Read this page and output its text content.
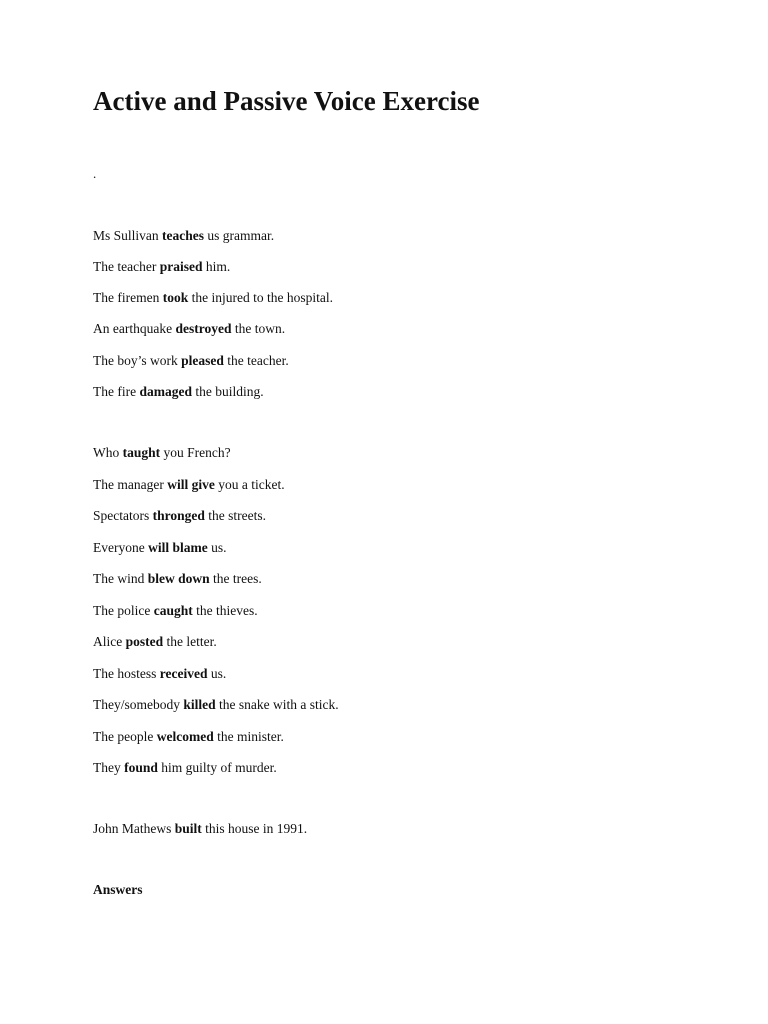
Active and Passive Voice Exercise
.
Ms Sullivan teaches us grammar.
The teacher praised him.
The firemen took the injured to the hospital.
An earthquake destroyed the town.
The boy’s work pleased the teacher.
The fire damaged the building.
Who taught you French?
The manager will give you a ticket.
Spectators thronged the streets.
Everyone will blame us.
The wind blew down the trees.
The police caught the thieves.
Alice posted the letter.
The hostess received us.
They/somebody killed the snake with a stick.
The people welcomed the minister.
They found him guilty of murder.
John Mathews built this house in 1991.
Answers
